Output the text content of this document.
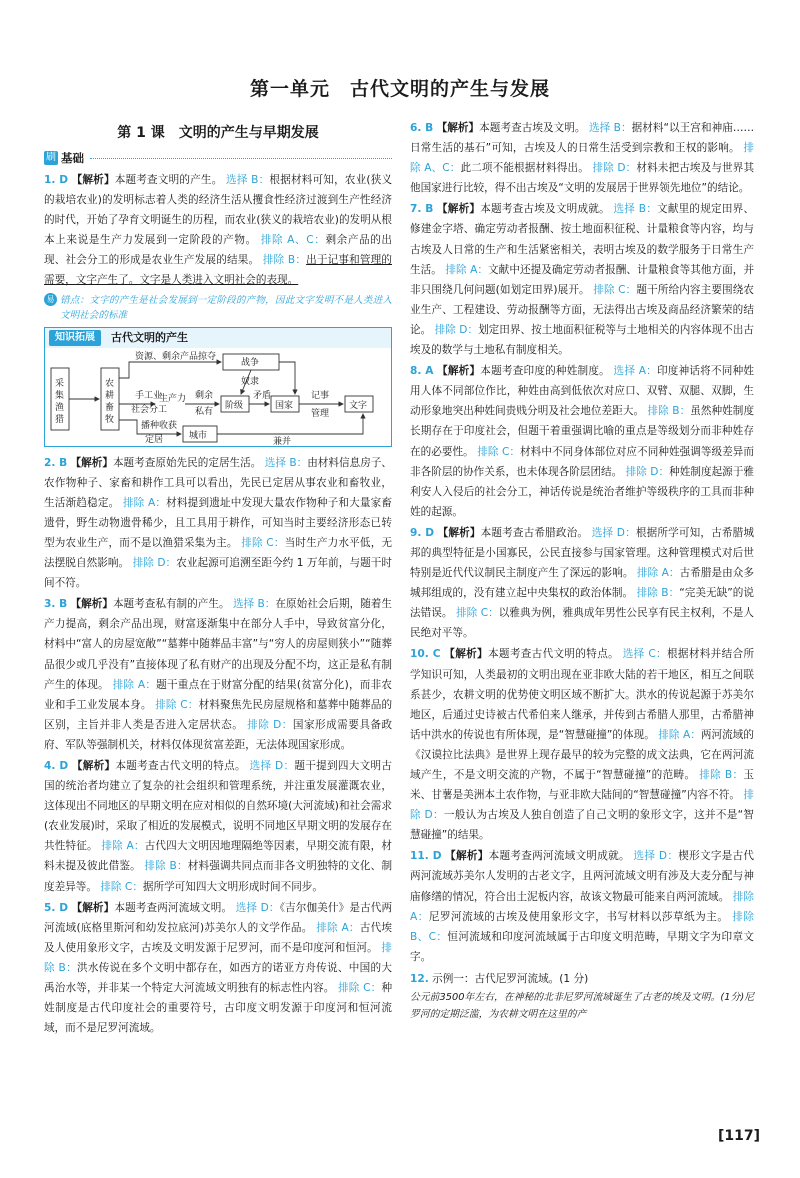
第一单元　古代文明的产生与发展
第 1 课　文明的产生与早期发展
刷 基础
1. D 【解析】本题考查文明的产生。 选择 B：根据材料可知，农业(狭义的栽培农业)的发明标志着人类的经济生活从攫食性经济过渡到生产性经济的时代，开始了孕育文明诞生的历程，而农业(狭义的栽培农业)的发明从根本上来说是生产力发展到一定阶段的产物。 排除 A、C：剩余产品的出现、社会分工的形成是农业生产发展的结果。 排除 B：出于记事和管理的需要，文字产生了。文字是人类进入文明社会的表现。
易 错点：文字的产生是社会发展到一定阶段的产物，因此文字发明不是人类进入文明社会的标准
知识拓展	古代文明的产生
采
集
渔
猎
农
耕
畜
牧
资源、剩余产品掠夺
战争
奴隶
手工业
社会分工
生产力 剩余
私有
阶级
矛盾
国家
记事
管理
文字
播种收获
定居	城市
兼并
2. B 【解析】本题考查原始先民的定居生活。 选择 B：由材料信息房子、农作物种子、家畜和耕作工具可以看出，先民已定居从事农业和畜牧业，生活渐趋稳定。 排除 A：材料提到遗址中发现大量农作物种子和大量家畜遗骨，野生动物遗骨稀少，且工具用于耕作，可知当时主要经济形态已转型为农业生产，而不是以渔猎采集为主。 排除 C：当时生产力水平低，无法摆脱自然影响。 排除 D：农业起源可追溯至距今约 1 万年前，与题干时间不符。
3. B 【解析】本题考查私有制的产生。 选择 B：在原始社会后期，随着生产力提高，剩余产品出现，财富逐渐集中在部分人手中，导致贫富分化，材料中“富人的房屋宽敞”“墓葬中随葬品丰富”与“穷人的房屋则狭小”“随葬品很少或几乎没有”直接体现了私有财产的出现及分配不均，这正是私有制产生的体现。 排除 A：题干重点在于财富分配的结果(贫富分化)，而非农业和手工业发展本身。 排除 C：材料聚焦先民房屋规格和墓葬中随葬品的区别，主旨并非人类是否进入定居状态。 排除 D：国家形成需要具备政府、军队等强制机关，材料仅体现贫富差距，无法体现国家形成。
4. D 【解析】本题考查古代文明的特点。 选择 D：题干提到四大文明古国的统治者均建立了复杂的社会组织和管理系统，并注重发展灌溉农业，这体现出不同地区的早期文明在应对相似的自然环境(大河流域)和社会需求(农业发展)时，采取了相近的发展模式，说明不同地区早期文明的发展存在共性特征。 排除 A：古代四大文明因地理隔绝等因素，早期交流有限，材料未提及彼此借鉴。 排除 B：材料强调共同点而非各文明独特的文化、制度差异等。 排除 C：据所学可知四大文明形成时间不同步。
5. D 【解析】本题考查两河流域文明。 选择 D：《吉尔伽美什》是古代两河流域(底格里斯河和幼发拉底河)苏美尔人的文学作品。 排除 A：古代埃及人使用象形文字，古埃及文明发源于尼罗河，而不是印度河和恒河。 排除 B：洪水传说在多个文明中都存在，如西方的诺亚方舟传说、中国的大禹治水等，并非某一个特定大河流域文明独有的标志性内容。 排除 C：种姓制度是古代印度社会的重要符号，古印度文明发源于印度河和恒河流域，而不是尼罗河流域。
6. B 【解析】本题考查古埃及文明。 选择 B：据材料“以王宫和神庙……日常生活的基石”可知，古埃及人的日常生活受到宗教和王权的影响。 排除 A、C：此二项不能根据材料得出。 排除 D：材料未把古埃及与世界其他国家进行比较，得不出古埃及“文明的发展居于世界领先地位”的结论。
7. B 【解析】本题考查古埃及文明成就。 选择 B：文献里的规定田界、修建金字塔、确定劳动者报酬、按土地面积征税、计量粮食等内容，均与古埃及人日常的生产和生活紧密相关，表明古埃及的数学服务于日常生产生活。 排除 A：文献中还提及确定劳动者报酬、计量粮食等其他方面，并非只围绕几何问题(如划定田界)展开。 排除 C：题干所给内容主要围绕农业生产、工程建设、劳动报酬等方面，无法得出古埃及商品经济繁荣的结论。 排除 D：划定田界、按土地面积征税等与土地相关的内容体现不出古埃及的数学与土地私有制度相关。
8. A 【解析】本题考查印度的种姓制度。 选择 A：印度神话将不同种姓用人体不同部位作比，种姓由高到低依次对应口、双臂、双腿、双脚，生动形象地突出种姓间贵贱分明及社会地位差距大。 排除 B：虽然种姓制度长期存在于印度社会，但题干着重强调比喻的重点是等级划分而非种姓存在的必要性。 排除 C：材料中不同身体部位对应不同种姓强调等级差异而非各阶层的协作关系，也未体现各阶层团结。 排除 D：种姓制度起源于雅利安人入侵后的社会分工，神话传说是统治者维护等级秩序的工具而非种姓的起源。
9. D 【解析】本题考查古希腊政治。 选择 D：根据所学可知，古希腊城邦的典型特征是小国寡民，公民直接参与国家管理。这种管理模式对后世特别是近代代议制民主制度产生了深远的影响。 排除 A：古希腊是由众多城邦组成的，没有建立起中央集权的政治体制。 排除 B：“完美无缺”的说法错误。 排除 C：以雅典为例，雅典成年男性公民享有民主权利，不是人民绝对平等。
10. C 【解析】本题考查古代文明的特点。 选择 C：根据材料并结合所学知识可知，人类最初的文明出现在亚非欧大陆的若干地区，相互之间联系甚少，农耕文明的优势使文明区域不断扩大。洪水的传说起源于苏美尔地区，后通过史诗被古代希伯来人继承，并传到古希腊人那里，古希腊神话中洪水的传说也有所体现，是“智慧碰撞”的体现。 排除 A：两河流域的《汉谟拉比法典》是世界上现存最早的较为完整的成文法典，它在两河流域产生，不是文明交流的产物，不属于“智慧碰撞”的范畴。 排除 B：玉米、甘薯是美洲本土农作物，与亚非欧大陆间的“智慧碰撞”内容不符。 排除 D：一般认为古埃及人独自创造了自己文明的象形文字，这并不是“智慧碰撞”的结果。
11. D 【解析】本题考查两河流域文明成就。 选择 D：楔形文字是古代两河流域苏美尔人发明的古老文字，且两河流域文明有涉及大麦分配与神庙修缮的情况，符合出土泥板内容，故该文物最可能来自两河流域。 排除 A：尼罗河流域的古埃及使用象形文字，书写材料以莎草纸为主。 排除 B、C：恒河流域和印度河流域属于古印度文明范畴，早期文字为印章文字。
12. 示例一：古代尼罗河流域。(1 分)
公元前3500年左右，在神秘的北非尼罗河流域诞生了古老的埃及文明。(1分)尼罗河的定期泛滥，为农耕文明在这里的产
[117]
